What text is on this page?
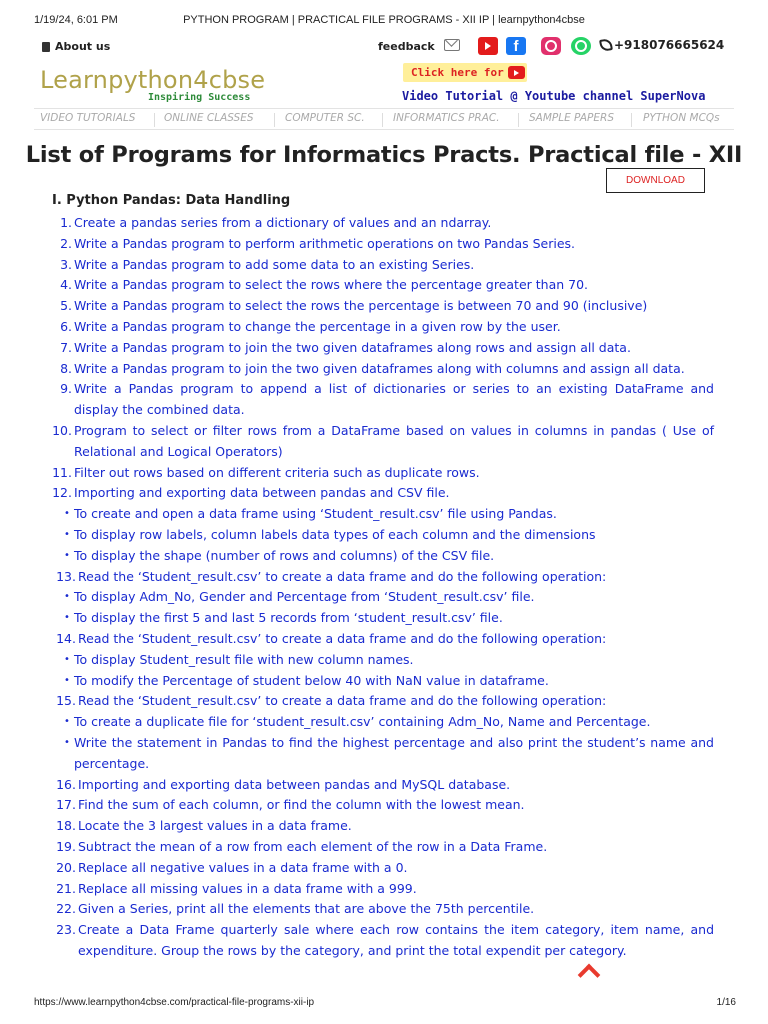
1/19/24, 6:01 PM	PYTHON PROGRAM | PRACTICAL FILE PROGRAMS - XII IP | learnpython4cbse
About us	feedback	f	+918076665624
Learnpython4cbse
Inspiring Success
Click here for
Video Tutorial @ Youtube channel SuperNova
VIDEO TUTORIALS	ONLINE CLASSES	COMPUTER SC.	INFORMATICS PRAC.	SAMPLE PAPERS	PYTHON MCQs
List of Programs for Informatics Practs. Practical file - XII
DOWNLOAD
I. Python Pandas: Data Handling
1. Create a pandas series from a dictionary of values and an ndarray.
2. Write a Pandas program to perform arithmetic operations on two Pandas Series.
3. Write a Pandas program to add some data to an existing Series.
4. Write a Pandas program to select the rows where the percentage greater than 70.
5. Write a Pandas program to select the rows the percentage is between 70 and 90 (inclusive)
6. Write a Pandas program to change the percentage in a given row by the user.
7. Write a Pandas program to join the two given dataframes along rows and assign all data.
8. Write a Pandas program to join the two given dataframes along with columns and assign all data.
9. Write a Pandas program to append a list of dictionaries or series to an existing DataFrame and display the combined data.
10. Program to select or filter rows from a DataFrame based on values in columns in pandas ( Use of Relational and Logical Operators)
11. Filter out rows based on different criteria such as duplicate rows.
12. Importing and exporting data between pandas and CSV file.
• To create and open a data frame using ‘Student_result.csv’ file using Pandas.
• To display row labels, column labels data types of each column and the dimensions
• To display the shape (number of rows and columns) of the CSV file.
13. Read the ‘Student_result.csv’ to create a data frame and do the following operation:
• To display Adm_No, Gender and Percentage from ‘Student_result.csv’ file.
• To display the first 5 and last 5 records from ‘student_result.csv’ file.
14. Read the ‘Student_result.csv’ to create a data frame and do the following operation:
• To display Student_result file with new column names.
• To modify the Percentage of student below 40 with NaN value in dataframe.
15. Read the ‘Student_result.csv’ to create a data frame and do the following operation:
• To create a duplicate file for ‘student_result.csv’ containing Adm_No, Name and Percentage.
• Write the statement in Pandas to find the highest percentage and also print the student’s name and percentage.
16. Importing and exporting data between pandas and MySQL database.
17. Find the sum of each column, or find the column with the lowest mean.
18. Locate the 3 largest values in a data frame.
19. Subtract the mean of a row from each element of the row in a Data Frame.
20. Replace all negative values in a data frame with a 0.
21. Replace all missing values in a data frame with a 999.
22. Given a Series, print all the elements that are above the 75th percentile.
23. Create a Data Frame quarterly sale where each row contains the item category, item name, and expenditure. Group the rows by the category, and print the total expendit per category.
https://www.learnpython4cbse.com/practical-file-programs-xii-ip	1/16
